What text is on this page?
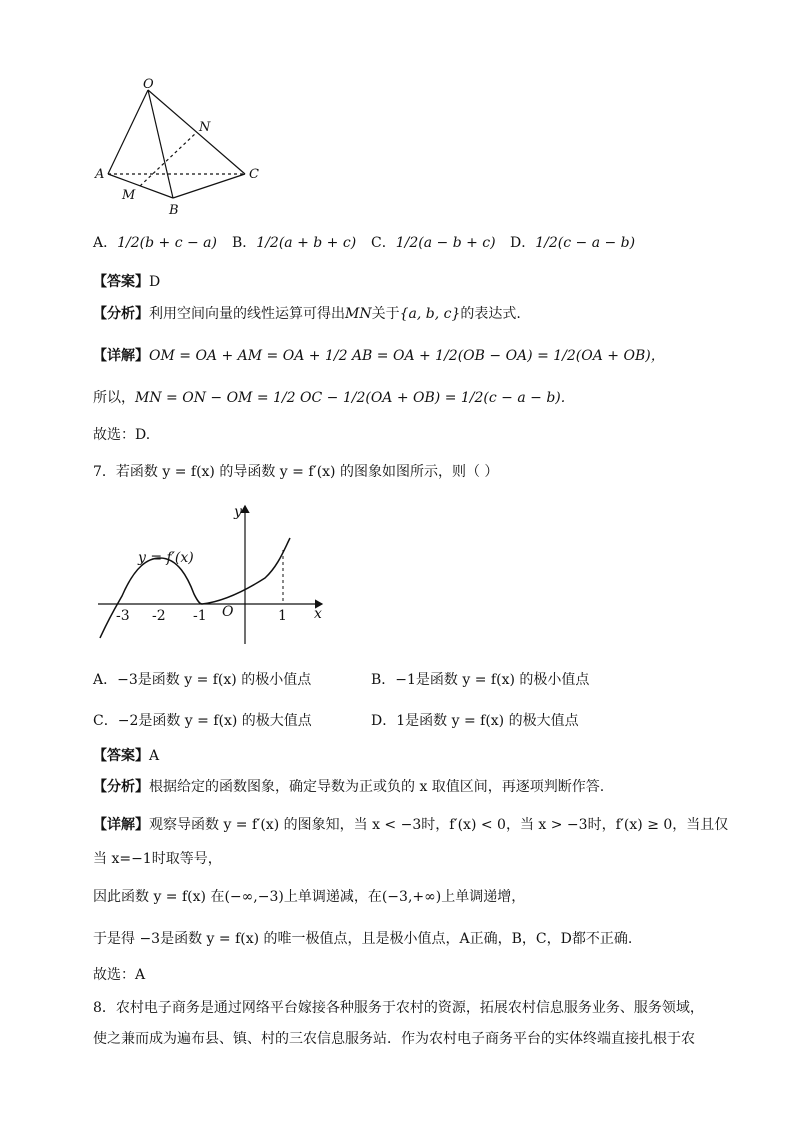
O
N
A	C
M
B
A．1/2(b + c − a) B．1/2(a + b + c) C．1/2(a − b + c) D．1/2(c − a − b)
【答案】D
【分析】利用空间向量的线性运算可得出MN关于{a, b, c}的表达式.
【详解】OM = OA + AM = OA + 1/2 AB = OA + 1/2(OB − OA) = 1/2(OA + OB)，
所以，MN = ON − OM = 1/2 OC − 1/2(OA + OB) = 1/2(c − a − b).
故选：D.
7．若函数 y = f(x) 的导函数 y = f′(x) 的图象如图所示，则（ ）
y
x
O
y = f′(x)
-3 -2 -1	1
A．−3是函数 y = f(x) 的极小值点	B．−1是函数 y = f(x) 的极小值点
C．−2是函数 y = f(x) 的极大值点	D．1是函数 y = f(x) 的极大值点
【答案】A
【分析】根据给定的函数图象，确定导数为正或负的 x 取值区间，再逐项判断作答.
【详解】观察导函数 y = f′(x) 的图象知，当 x < −3时，f′(x) < 0，当 x > −3时，f′(x) ≥ 0，当且仅
当 x=−1时取等号，
因此函数 y = f(x) 在(−∞,−3)上单调递减，在(−3,+∞)上单调递增，
于是得 −3是函数 y = f(x) 的唯一极值点，且是极小值点，A正确，B，C，D都不正确.
故选：A
8．农村电子商务是通过网络平台嫁接各种服务于农村的资源，拓展农村信息服务业务、服务领域，
使之兼而成为遍布县、镇、村的三农信息服务站．作为农村电子商务平台的实体终端直接扎根于农
